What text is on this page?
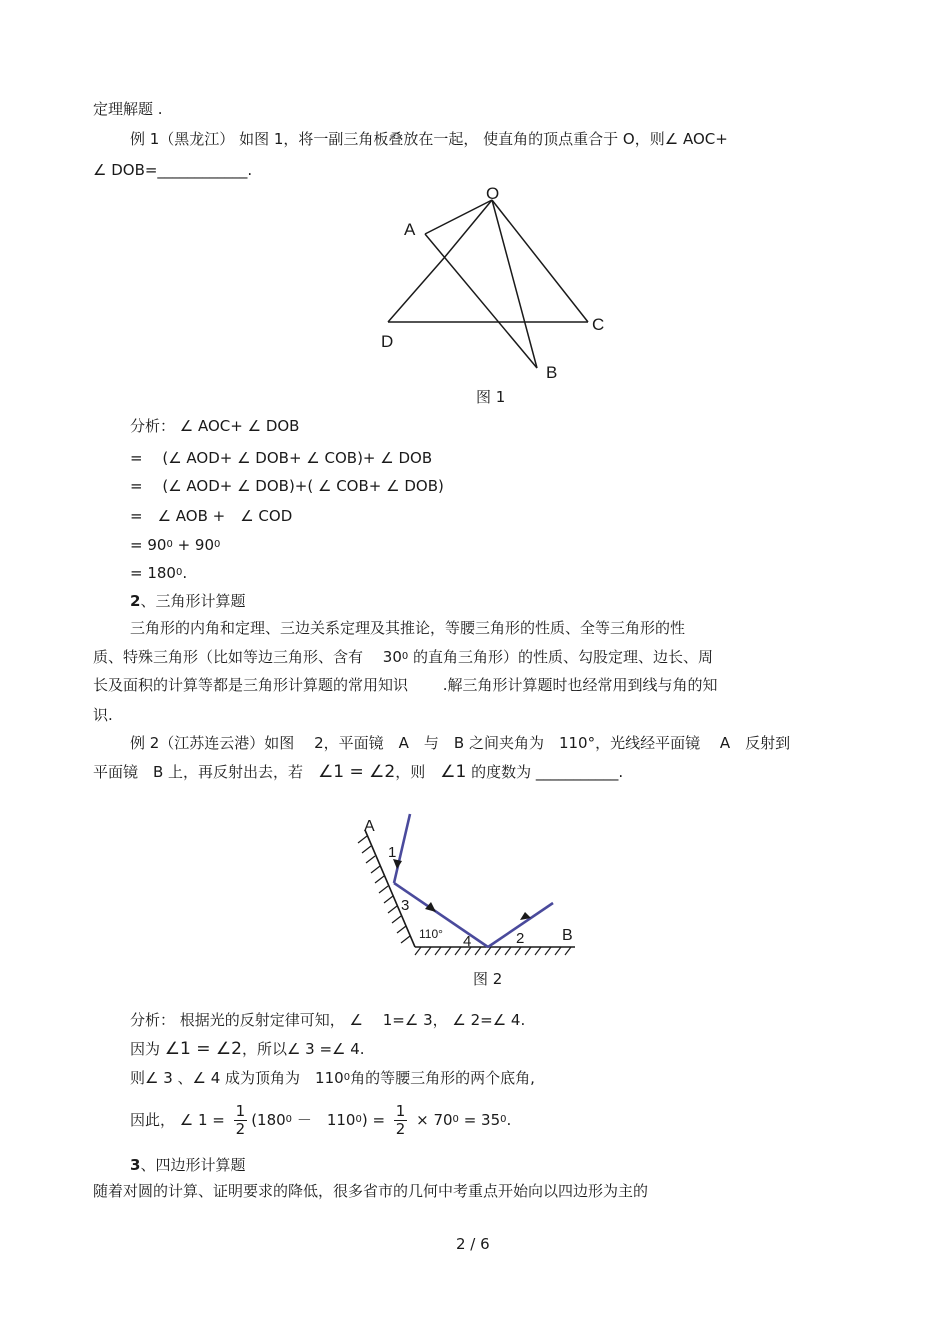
定理解题 .
例 1（黑龙江） 如图 1，将一副三角板叠放在一起， 使直角的顶点重合于 O，则∠ AOC+
∠ DOB=____________.
O
A
C
D
B
图 1
分析： ∠ AOC+ ∠ DOB
=　 (∠ AOD+ ∠ DOB+ ∠ COB)+ ∠ DOB
=　 (∠ AOD+ ∠ DOB)+( ∠ COB+ ∠ DOB)
=　∠ AOB +　∠ COD
= $90^0 + 90^0$
= $180^0$.
2、三角形计算题
三角形的内角和定理、三边关系定理及其推论，等腰三角形的性质、全等三角形的性
质、特殊三角形（比如等边三角形、含有　 $30^0$ 的直角三角形）的性质、勾股定理、边长、周
长及面积的计算等都是三角形计算题的常用知识　　 .解三角形计算题时也经常用到线与角的知
识.
例 2（江苏连云港）如图　 2，平面镜　A　与　B 之间夹角为　110°，光线经平面镜　 A　反射到
平面镜　B 上，再反射出去，若　∠1 = ∠2，则　∠1 的度数为 ___________.
A
B
1
3
110° 4	2
图 2
分析： 根据光的反射定律可知， ∠　 1=∠ 3， ∠ 2=∠ 4.
因为 ∠1 = ∠2，所以∠ 3 =∠ 4.
则∠ 3 、∠ 4 成为顶角为　$110^0$角的等腰三角形的两个底角,
因此， ∠ $1 = \frac{1}{2} (180^0$ －　$110^0) = \frac{1}{2} \times 70^0 = 35^0$.
3、四边形计算题
随着对圆的计算、证明要求的降低，很多省市的几何中考重点开始向以四边形为主的
2 / 6
